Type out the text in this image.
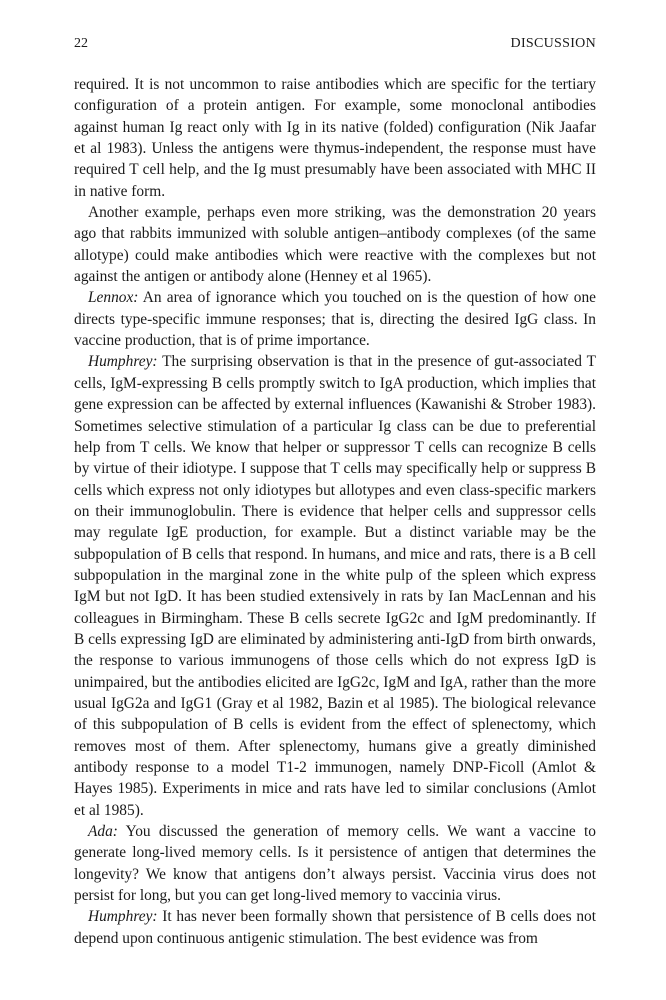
22	DISCUSSION

required. It is not uncommon to raise antibodies which are specific for the tertiary configuration of a protein antigen. For example, some monoclonal antibodies against human Ig react only with Ig in its native (folded) configuration (Nik Jaafar et al 1983). Unless the antigens were thymus-independent, the response must have required T cell help, and the Ig must presumably have been associated with MHC II in native form.

Another example, perhaps even more striking, was the demonstration 20 years ago that rabbits immunized with soluble antigen–antibody complexes (of the same allotype) could make antibodies which were reactive with the complexes but not against the antigen or antibody alone (Henney et al 1965).

Lennox: An area of ignorance which you touched on is the question of how one directs type-specific immune responses; that is, directing the desired IgG class. In vaccine production, that is of prime importance.

Humphrey: The surprising observation is that in the presence of gut-associated T cells, IgM-expressing B cells promptly switch to IgA production, which implies that gene expression can be affected by external influences (Kawanishi & Strober 1983). Sometimes selective stimulation of a particular Ig class can be due to preferential help from T cells. We know that helper or suppressor T cells can recognize B cells by virtue of their idiotype. I suppose that T cells may specifically help or suppress B cells which express not only idiotypes but allotypes and even class-specific markers on their immunoglobulin. There is evidence that helper cells and suppressor cells may regulate IgE production, for example. But a distinct variable may be the subpopulation of B cells that respond. In humans, and mice and rats, there is a B cell subpopulation in the marginal zone in the white pulp of the spleen which express IgM but not IgD. It has been studied extensively in rats by Ian MacLennan and his colleagues in Birmingham. These B cells secrete IgG2c and IgM predominantly. If B cells expressing IgD are eliminated by administering anti-IgD from birth onwards, the response to various immunogens of those cells which do not express IgD is unimpaired, but the antibodies elicited are IgG2c, IgM and IgA, rather than the more usual IgG2a and IgG1 (Gray et al 1982, Bazin et al 1985). The biological relevance of this subpopulation of B cells is evident from the effect of splenectomy, which removes most of them. After splenectomy, humans give a greatly diminished antibody response to a model T1-2 immunogen, namely DNP-Ficoll (Amlot & Hayes 1985). Experiments in mice and rats have led to similar conclusions (Amlot et al 1985).

Ada: You discussed the generation of memory cells. We want a vaccine to generate long-lived memory cells. Is it persistence of antigen that determines the longevity? We know that antigens don’t always persist. Vaccinia virus does not persist for long, but you can get long-lived memory to vaccinia virus.

Humphrey: It has never been formally shown that persistence of B cells does not depend upon continuous antigenic stimulation. The best evidence was from
